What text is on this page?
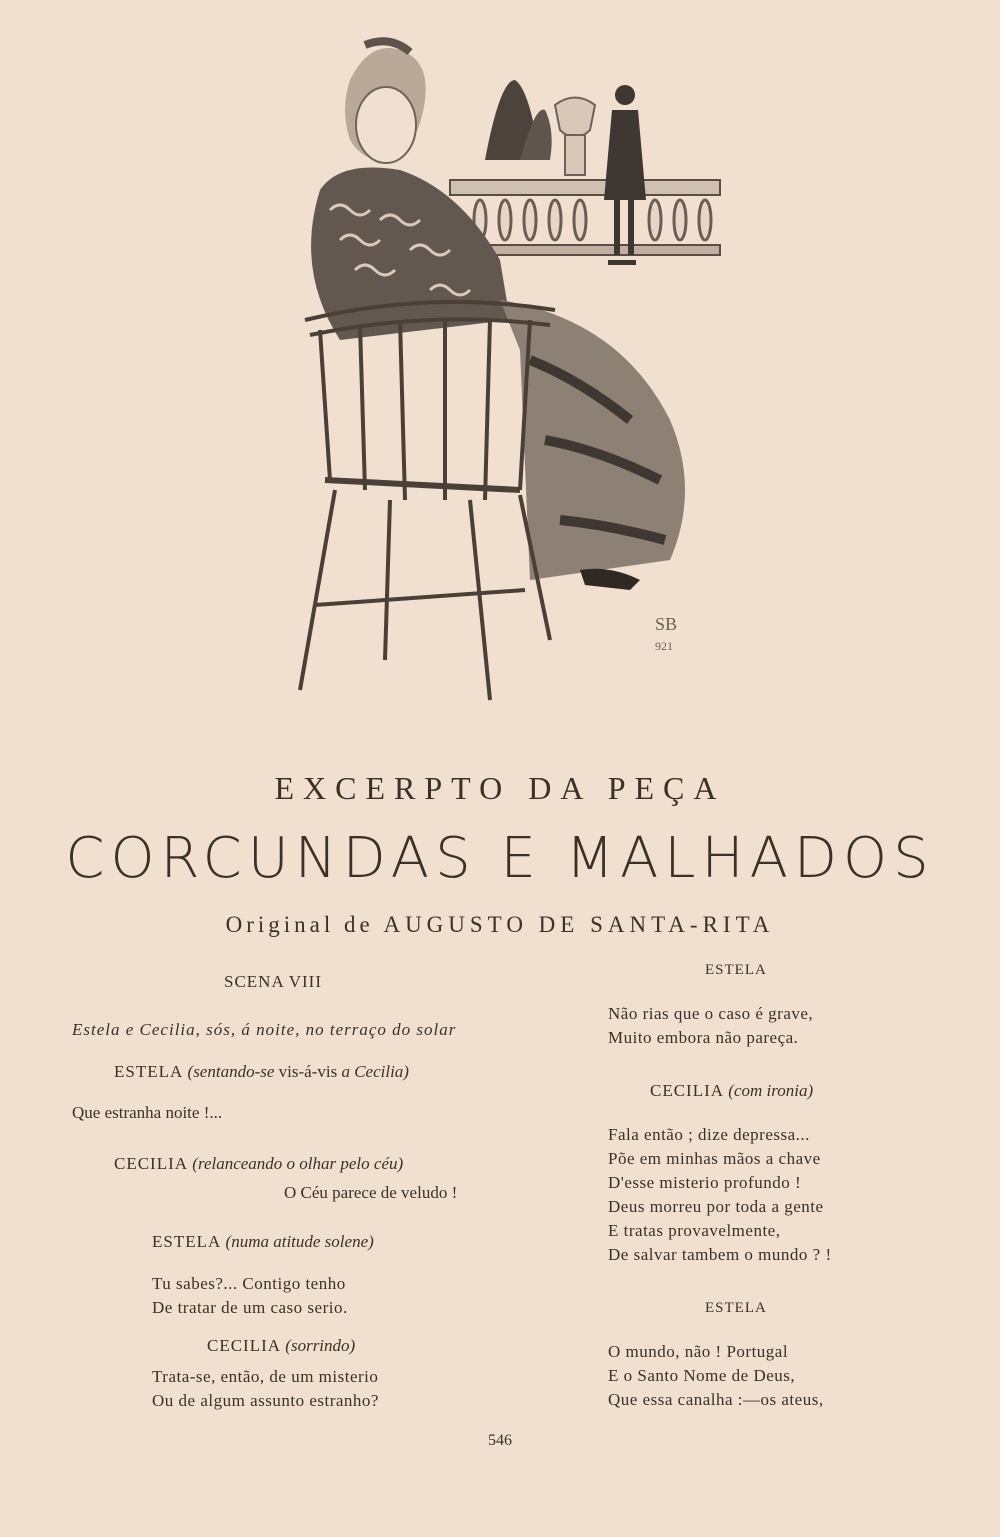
SB
921
EXCERPTO DA PEÇA
CORCUNDAS E MALHADOS
Original de AUGUSTO DE SANTA-RITA
SCENA VIII
Estela e Cecilia, sós, á noite, no terraço do solar
ESTELA (sentando-se vis-á-vis a Cecilia)
Que estranha noite !...
CECILIA (relanceando o olhar pelo céu)
O Céu parece de veludo !
ESTELA (numa atitude solene)
Tu sabes?... Contigo tenho
De tratar de um caso serio.
CECILIA (sorrindo)
Trata-se, então, de um misterio
Ou de algum assunto estranho?
ESTELA
Não rias que o caso é grave,
Muito embora não pareça.
CECILIA (com ironia)
Fala então ; dize depressa...
Põe em minhas mãos a chave
D'esse misterio profundo !
Deus morreu por toda a gente
E tratas provavelmente,
De salvar tambem o mundo ? !
ESTELA
O mundo, não ! Portugal
E o Santo Nome de Deus,
Que essa canalha :—os ateus,
546
